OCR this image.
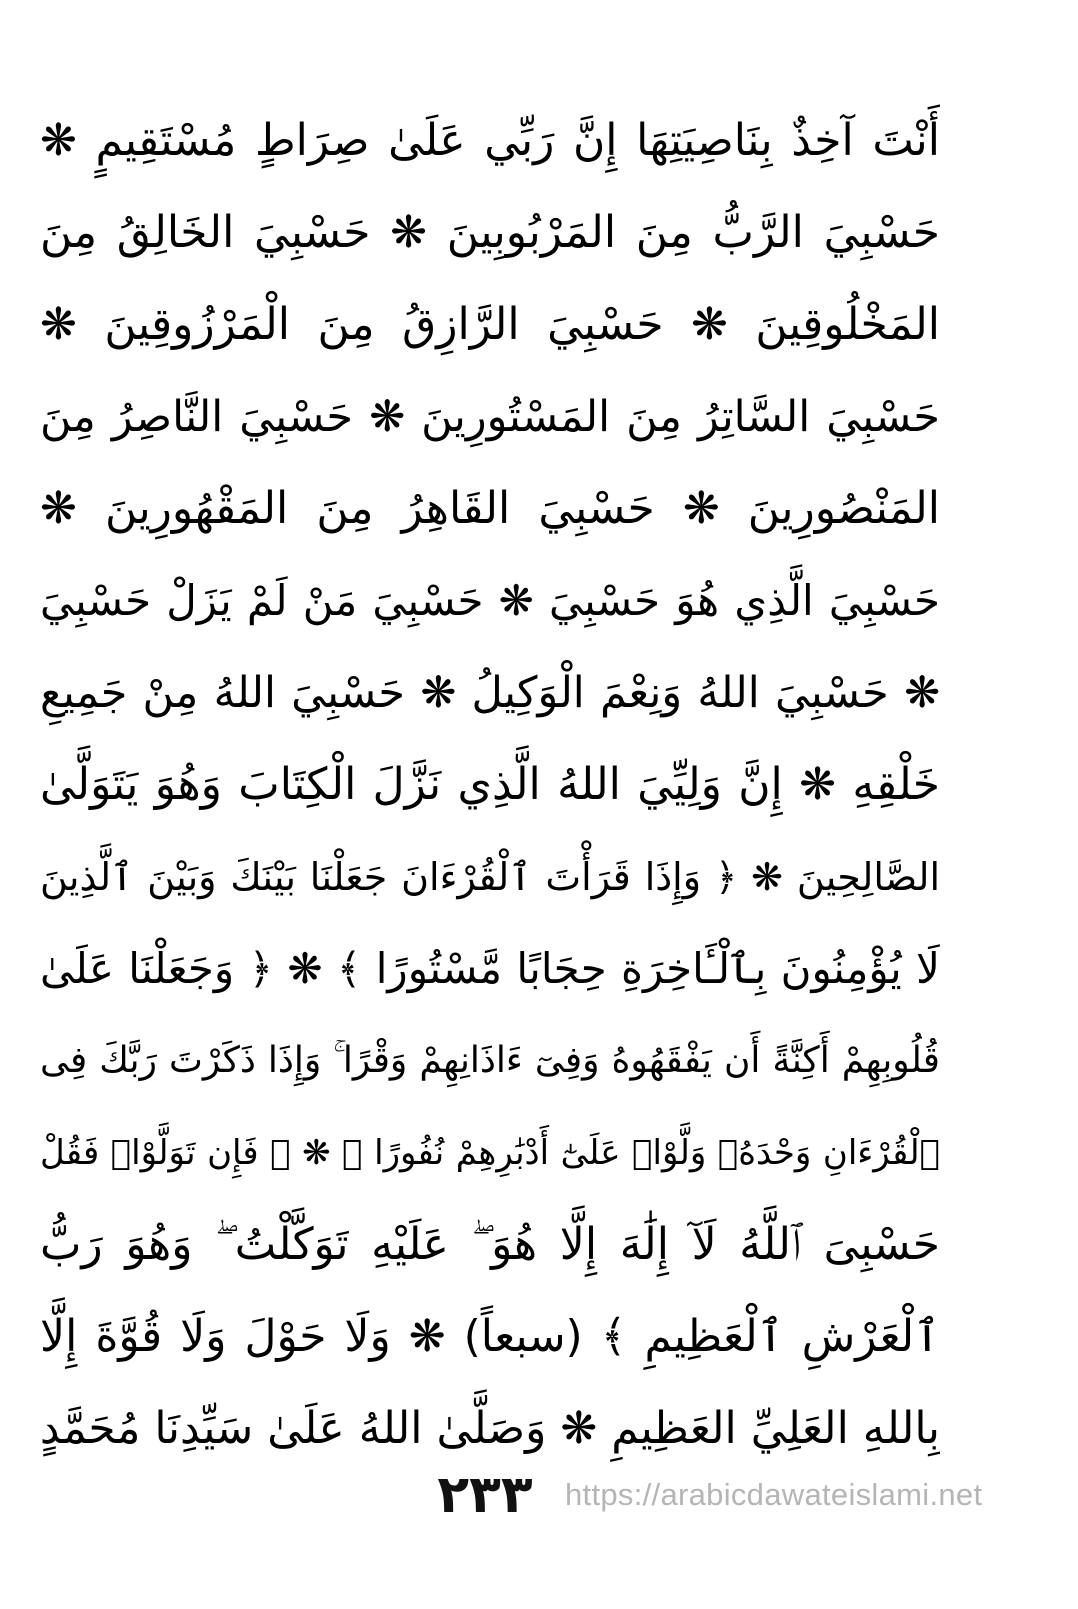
أَنْتَ آخِذٌ بِنَاصِيَتِهَا إِنَّ رَبِّي عَلَىٰ صِرَاطٍ مُسْتَقِيمٍ ❋
حَسْبِيَ الرَّبُّ مِنَ المَرْبُوبِينَ ❋ حَسْبِيَ الخَالِقُ مِنَ
المَخْلُوقِينَ ❋ حَسْبِيَ الرَّازِقُ مِنَ الْمَرْزُوقِينَ ❋
حَسْبِيَ السَّاتِرُ مِنَ المَسْتُورِينَ ❋ حَسْبِيَ النَّاصِرُ مِنَ
المَنْصُورِينَ ❋ حَسْبِيَ القَاهِرُ مِنَ المَقْهُورِينَ ❋
حَسْبِيَ الَّذِي هُوَ حَسْبِيَ ❋ حَسْبِيَ مَنْ لَمْ يَزَلْ حَسْبِيَ
❋ حَسْبِيَ اللهُ وَنِعْمَ الْوَكِيلُ ❋ حَسْبِيَ اللهُ مِنْ جَمِيعِ
خَلْقِهِ ❋ إِنَّ وَلِيِّيَ اللهُ الَّذِي نَزَّلَ الْكِتَابَ وَهُوَ يَتَوَلَّىٰ
الصَّالِحِينَ ❋ ﴿ وَإِذَا قَرَأْتَ ٱلْقُرْءَانَ جَعَلْنَا بَيْنَكَ وَبَيْنَ ٱلَّذِينَ
لَا يُؤْمِنُونَ بِٱلْـَٔاخِرَةِ حِجَابًا مَّسْتُورًا ﴾ ❋ ﴿ وَجَعَلْنَا عَلَىٰ
قُلُوبِهِمْ أَكِنَّةً أَن يَفْقَهُوهُ وَفِىٓ ءَاذَانِهِمْ وَقْرًا ۚ وَإِذَا ذَكَرْتَ رَبَّكَ فِى
ٱلْقُرْءَانِ وَحْدَهُۥ وَلَّوْا۟ عَلَىٰٓ أَدْبَٰرِهِمْ نُفُورًا ﴾ ❋ ﴿ فَإِن تَوَلَّوْا۟ فَقُلْ
حَسْبِىَ ٱللَّهُ لَآ إِلَٰهَ إِلَّا هُوَ ۖ عَلَيْهِ تَوَكَّلْتُ ۖ وَهُوَ رَبُّ
ٱلْعَرْشِ ٱلْعَظِيمِ ﴾ (سبعاً) ❋ وَلَا حَوْلَ وَلَا قُوَّةَ إِلَّا
بِاللهِ العَلِيِّ العَظِيمِ ❋ وَصَلَّىٰ اللهُ عَلَىٰ سَيِّدِنَا مُحَمَّدٍ
٢٣٣ https://arabicdawateislami.net
